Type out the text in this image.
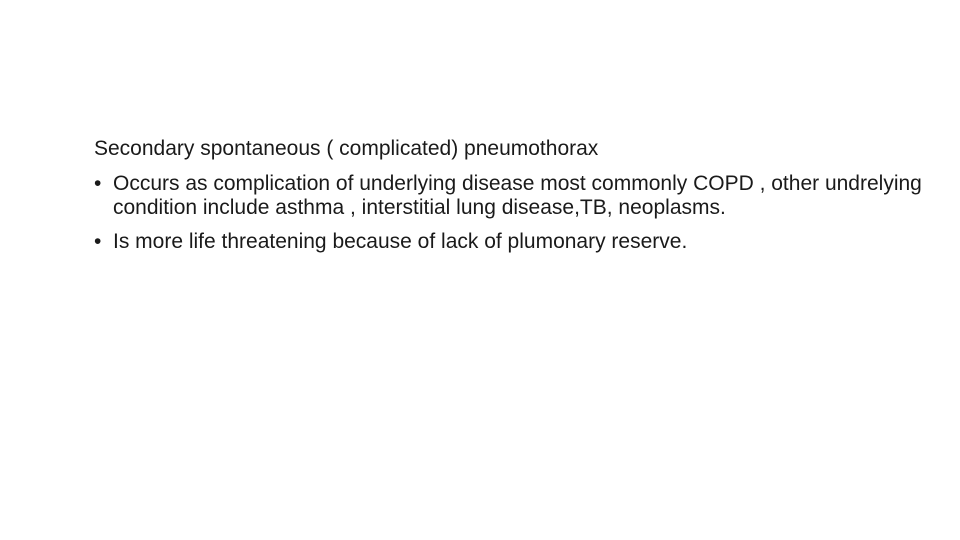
Secondary spontaneous ( complicated) pneumothorax

• Occurs as complication of underlying disease most commonly COPD , other undrelying condition include asthma , interstitial lung disease,TB, neoplasms.
• Is more life threatening because of lack of plumonary reserve.
